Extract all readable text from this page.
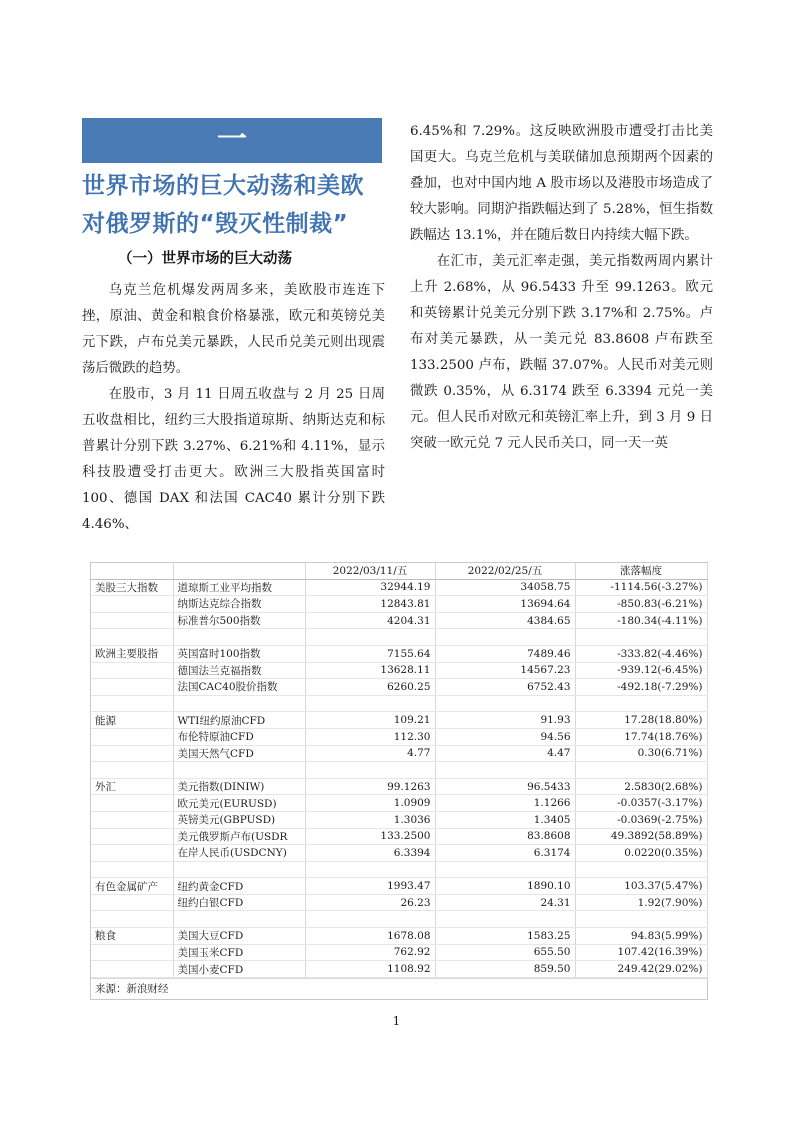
一
世界市场的巨大动荡和美欧
对俄罗斯的“毁灭性制裁”
（一）世界市场的巨大动荡

乌克兰危机爆发两周多来，美欧股市连连下挫，原油、黄金和粮食价格暴涨，欧元和英镑兑美元下跌，卢布兑美元暴跌，人民币兑美元则出现震荡后微跌的趋势。

在股市，3 月 11 日周五收盘与 2 月 25 日周五收盘相比，纽约三大股指道琼斯、纳斯达克和标普累计分别下跌 3.27%、6.21%和 4.11%，显示科技股遭受打击更大。欧洲三大股指英国富时 100、德国 DAX 和法国 CAC40 累计分别下跌 4.46%、

6.45%和 7.29%。这反映欧洲股市遭受打击比美国更大。乌克兰危机与美联储加息预期两个因素的叠加，也对中国内地 A 股市场以及港股市场造成了较大影响。同期沪指跌幅达到了 5.28%，恒生指数跌幅达 13.1%，并在随后数日内持续大幅下跌。

在汇市，美元汇率走强，美元指数两周内累计上升 2.68%，从 96.5433 升至 99.1263。欧元和英镑累计兑美元分别下跌 3.17%和 2.75%。卢布对美元暴跌，从一美元兑 83.8608 卢布跌至 133.2500 卢布，跌幅 37.07%。人民币对美元则微跌 0.35%，从 6.3174 跌至 6.3394 元兑一美元。但人民币对欧元和英镑汇率上升，到 3 月 9 日突破一欧元兑 7 元人民币关口，同一天一英

		2022/03/11/五	2022/02/25/五	涨落幅度
美股三大指数	道琼斯工业平均指数	32944.19	34058.75	-1114.56(-3.27%)
	纳斯达克综合指数	12843.81	13694.64	-850.83(-6.21%)
	标准普尔500指数	4204.31	4384.65	-180.34(-4.11%)

欧洲主要股指	英国富时100指数	7155.64	7489.46	-333.82(-4.46%)
	德国法兰克福指数	13628.11	14567.23	-939.12(-6.45%)
	法国CAC40股价指数	6260.25	6752.43	-492.18(-7.29%)

能源	WTI纽约原油CFD	109.21	91.93	17.28(18.80%)
	布伦特原油CFD	112.30	94.56	17.74(18.76%)
	美国天然气CFD	4.77	4.47	0.30(6.71%)

外汇	美元指数(DINIW)	99.1263	96.5433	2.5830(2.68%)
	欧元美元(EURUSD)	1.0909	1.1266	-0.0357(-3.17%)
	英镑美元(GBPUSD)	1.3036	1.3405	-0.0369(-2.75%)
	美元俄罗斯卢布(USDR	133.2500	83.8608	49.3892(58.89%)
	在岸人民币(USDCNY)	6.3394	6.3174	0.0220(0.35%)

有色金属矿产	纽约黄金CFD	1993.47	1890.10	103.37(5.47%)
	纽约白银CFD	26.23	24.31	1.92(7.90%)

粮食	美国大豆CFD	1678.08	1583.25	94.83(5.99%)
	美国玉米CFD	762.92	655.50	107.42(16.39%)
	美国小麦CFD	1108.92	859.50	249.42(29.02%)
来源：新浪财经
1
